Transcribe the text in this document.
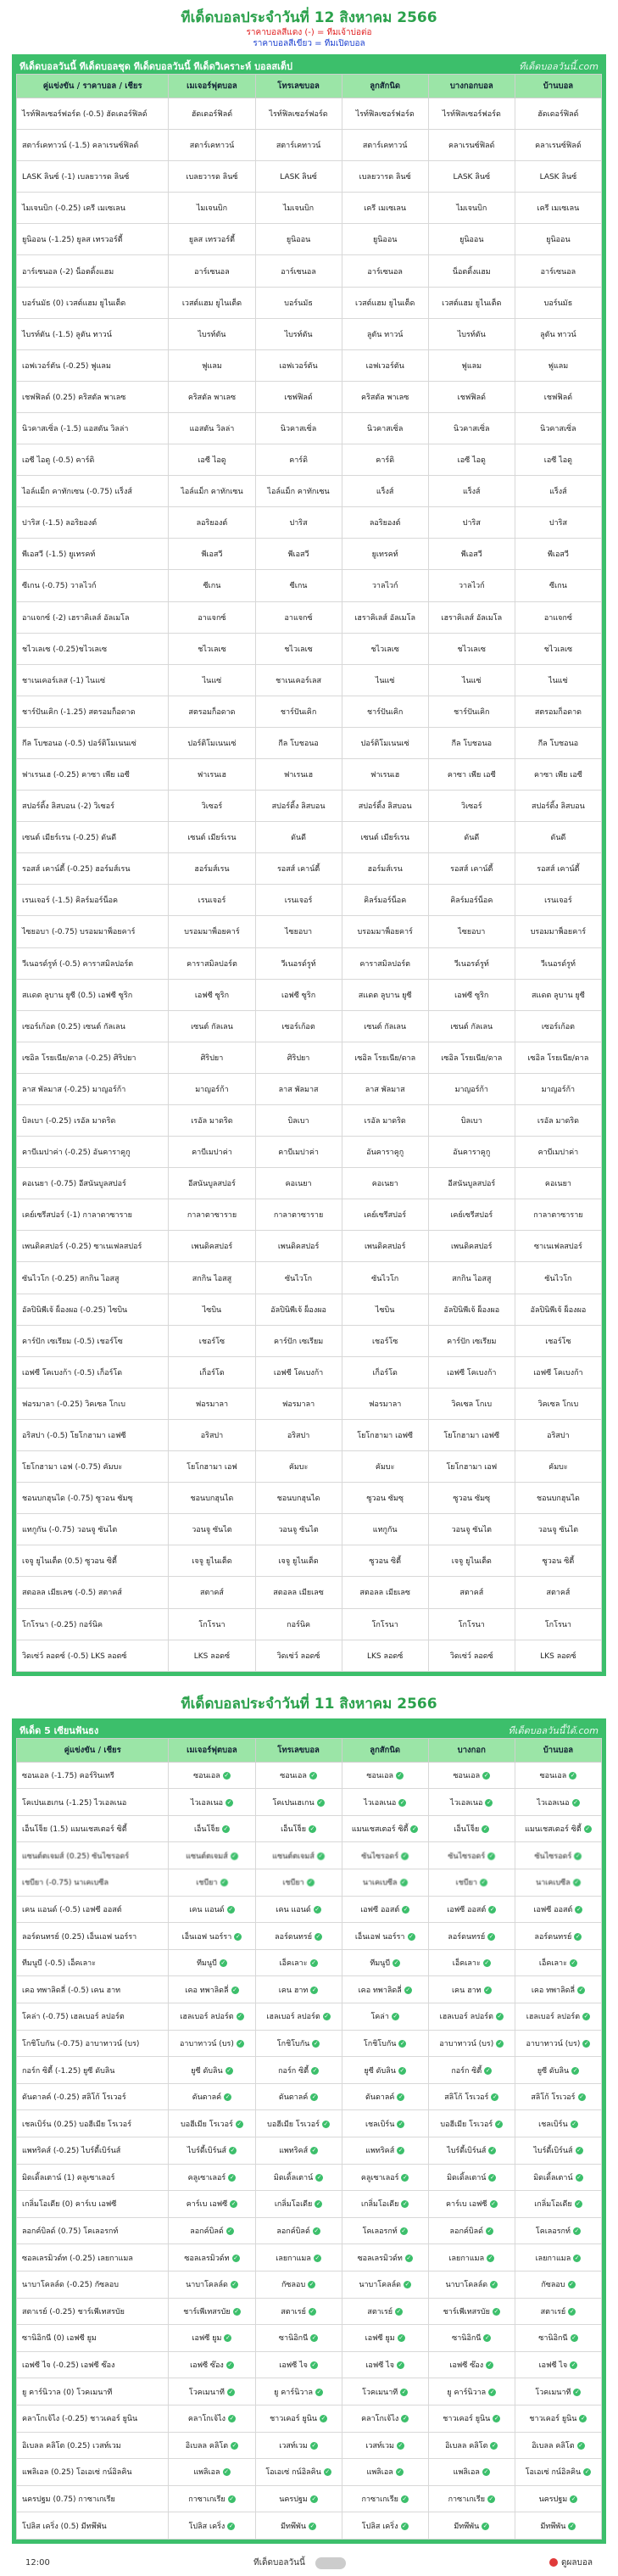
ทีเด็ดบอลประจำวันที่ 12 สิงหาคม 2566
ราคาบอลสีแดง (-) = ทีมเจ้าบ่อต่อ
ราคาบอลสีเขียว = ทีมเปิดบอล
ทีเด็ดบอลวันนี้ ทีเด็ดบอลชุด ทีเด็ดบอลวันนี้ ทีเด็ดวิเคราะห์ บอลสเต็ป	ทีเด็ดบอลวันนี้.com
คู่แข่งขัน / ราคาบอล / เชียร	เมเจอร์ฟุตบอล	โทรเลขบอล	ลูกสักนิด	บางกอกบอล	บ้านบอล
ไรท์ฟิลเซอร์ฟอร์ด (-0.5) ฮัดเดอร์ฟิลด์	ฮัดเดอร์ฟิลด์	ไรท์ฟิลเซอร์ฟอร์ด	ไรท์ฟิลเซอร์ฟอร์ด	ไรท์ฟิลเซอร์ฟอร์ด	ฮัดเดอร์ฟิลด์
สตาร์เคทาวน์ (-1.5) คลาเรนซ์ฟิลด์	สตาร์เคทาวน์	สตาร์เคทาวน์	สตาร์เคทาวน์	คลาเรนซ์ฟิลด์	คลาเรนซ์ฟิลด์
LASK ลินซ์ (-1) เบลยวารด ลินซ์	เบลยวารด ลินซ์	LASK ลินซ์	เบลยวารด ลินซ์	LASK ลินซ์	LASK ลินซ์
ไมเจนบิก (-0.25) เครี เมเซเลน	ไมเจนบิก	ไมเจนบิก	เครี เมเซเลน	ไมเจนบิก	เครี เมเซเลน
ยูนิออน (-1.25) ยูลส เทรวอร์ตี้	ยูลส เทรวอร์ตี้	ยูนิออน	ยูนิออน	ยูนิออน	ยูนิออน
อาร์เซนอล (-2) น็อตติ้งแฮม	อาร์เซนอล	อาร์เซนอล	อาร์เซนอล	น็อตติ้งแฮม	อาร์เซนอล
บอร์นมัธ (0) เวสต์แฮม ยูไนเต็ด	เวสต์แฮม ยูไนเต็ด	บอร์นมัธ	เวสต์แฮม ยูไนเต็ด	เวสต์แฮม ยูไนเต็ด	บอร์นมัธ
ไบรท์ตัน (-1.5) ลูตัน ทาวน์	ไบรท์ตัน	ไบรท์ตัน	ลูตัน ทาวน์	ไบรท์ตัน	ลูตัน ทาวน์
เอฟเวอร์ตัน (-0.25) ฟูแลม	ฟูแลม	เอฟเวอร์ตัน	เอฟเวอร์ตัน	ฟูแลม	ฟูแลม
เชฟฟิลด์ (0.25) คริสตัล พาเลซ	คริสตัล พาเลซ	เชฟฟิลด์	คริสตัล พาเลซ	เชฟฟิลด์	เชฟฟิลด์
นิวคาสเซิ่ล (-1.5) แอสตัน วิลล่า	แอสตัน วิลล่า	นิวคาสเซิ่ล	นิวคาสเซิ่ล	นิวคาสเซิ่ล	นิวคาสเซิ่ล
เอซี ไอดู (-0.5) คาร์ดิ	เอซี ไอดู	คาร์ดิ	คาร์ดิ	เอซี ไอดู	เอซี ไอดู
ไอล์แม็ก คาทักเซน (-0.75) แร็งส์	ไอล์แม็ก คาทักเซน	ไอล์แม็ก คาทักเซน	แร็งส์	แร็งส์	แร็งส์
ปาริส (-1.5) ลอริยองต์	ลอริยองต์	ปาริส	ลอริยองต์	ปาริส	ปาริส
พีเอสวี (-1.5) ยูเทรคท์	พีเอสวี	พีเอสวี	ยูเทรคท์	พีเอสวี	พีเอสวี
ซีเกน (-0.75) วาลไวก์	ซีเกน	ซีเกน	วาลไวก์	วาลไวก์	ซีเกน
อาแจกซ์ (-2) เฮราคิเลส์ อัลเมโล	อาแจกซ์	อาแจกซ์	เฮราคิเลส์ อัลเมโล	เฮราคิเลส์ อัลเมโล	อาแจกซ์
ชไวเลเซ (-0.25)ชไวเลเซ	ชไวเลเซ	ชไวเลเซ	ชไวเลเซ	ชไวเลเซ	ชไวเลเซ
ชาเนเคอร์เลส (-1) ไนแซ่	ไนแซ่	ชาเนเคอร์เลส	ไนแซ่	ไนแซ่	ไนแซ่
ชาร์ปันเคิก (-1.25) สตรอมก็อดาด	สตรอมก็อดาด	ชาร์ปันเคิก	ชาร์ปันเคิก	ชาร์ปันเคิก	สตรอมก็อดาด
กีล โบชอนอ (-0.5) ปอร์ติโมเนนเซ่	ปอร์ติโมเนนเซ่	กีล โบชอนอ	ปอร์ติโมเนนเซ่	กีล โบชอนอ	กีล โบชอนอ
ฟาเรนเฮ (-0.25) คาซา เพีย เอซี	ฟาเรนเฮ	ฟาเรนเฮ	ฟาเรนเฮ	คาซา เพีย เอซี	คาซา เพีย เอซี
สปอร์ติ้ง ลิสบอน (-2) วิเซอร์	วิเซอร์	สปอร์ติ้ง ลิสบอน	สปอร์ติ้ง ลิสบอน	วิเซอร์	สปอร์ติ้ง ลิสบอน
เซนต์ เมียร์เรน (-0.25) ดันดี	เซนต์ เมียร์เรน	ดันดี	เซนต์ เมียร์เรน	ดันดี	ดันดี
รอสส์ เคาน์ตี้ (-0.25) ฮอร์มส์เรน	ฮอร์มส์เรน	รอสส์ เคาน์ตี้	ฮอร์มส์เรน	รอสส์ เคาน์ตี้	รอสส์ เคาน์ตี้
เรนเจอร์ (-1.5) คิลร์มอร์น็อค	เรนเจอร์	เรนเจอร์	คิลร์มอร์น็อค	คิลร์มอร์น็อค	เรนเจอร์
ไซยอบา (-0.75) บรอมมาพ็อยคาร์	บรอมมาพ็อยคาร์	ไซยอบา	บรอมมาพ็อยคาร์	ไซยอบา	บรอมมาพ็อยคาร์
วีเนอรด์รูท์ (-0.5) คาราสมิลปอร์ต	คาราสมิลปอร์ต	วีเนอรด์รูท์	คาราสมิลปอร์ต	วีเนอรด์รูท์	วีเนอรด์รูท์
สเเดต ลูบาน ยูซี (0.5) เอฟซี ซูริก	เอฟซี ซูริก	เอฟซี ซูริก	สเเดต ลูบาน ยูซี	เอฟซี ซูริก	สเเดต ลูบาน ยูซี
เซอร์เก้อต (0.25) เซนต์ กัลเลน	เซนต์ กัลเลน	เซอร์เก้อต	เซนต์ กัลเลน	เซนต์ กัลเลน	เซอร์เก้อต
เซอิล โรยเนีย/ดาล (-0.25) ศิริปยา	ศิริปยา	ศิริปยา	เซอิล โรยเนีย/ดาล	เซอิล โรยเนีย/ดาล	เซอิล โรยเนีย/ดาล
ลาส พัลมาส (-0.25) มาญอร์ก้า	มาญอร์ก้า	ลาส พัลมาส	ลาส พัลมาส	มาญอร์ก้า	มาญอร์ก้า
บิลเบา (-0.25) เรอัล มาดริด	เรอัล มาดริด	บิลเบา	เรอัล มาดริด	บิลเบา	เรอัล มาดริด
คาบีเมปาค่า (-0.25) อันคาราคูกู	คาบีเมปาค่า	คาบีเมปาค่า	อันคาราคูกู	อันคาราคูกู	คาบีเมปาค่า
คอเนยา (-0.75) อีสนันบูลสปอร์	อีสนันบูลสปอร์	คอเนยา	คอเนยา	อีสนันบูลสปอร์	คอเนยา
เคย์เซรีสปอร์ (-1) กาลาตาซาราย	กาลาตาซาราย	กาลาตาซาราย	เคย์เซรีสปอร์	เคย์เซรีสปอร์	กาลาตาซาราย
เพนดิคสปอร์ (-0.25) ซาเนเฟลสปอร์	เพนดิคสปอร์	เพนดิคสปอร์	เพนดิคสปอร์	เพนดิคสปอร์	ซาเนเฟลสปอร์
ซันไวโก (-0.25) สกกิน ไอสสู	สกกิน ไอสสู	ซันไวโก	ซันไวโก	สกกิน ไอสสู	ซันไวโก
อัลปินิพีเจ้ ผ็องผอ (-0.25) ไซบิน	ไซบิน	อัลปินิพีเจ้ ผ็องผอ	ไซบิน	อัลปินิพีเจ้ ผ็องผอ	อัลปินิพีเจ้ ผ็องผอ
คาร์ปัก เซเรียม (-0.5) เชอร์โซ	เชอร์โซ	คาร์ปัก เซเรียม	เชอร์โซ	คาร์ปัก เซเรียม	เชอร์โซ
เอฟซี โคเบงก้า (-0.5) เก็อร์โด	เก็อร์โด	เอฟซี โคเบงก้า	เก็อร์โด	เอฟซี โคเบงก้า	เอฟซี โคเบงก้า
ฟอรมาลา (-0.25) วิคเซล โกเบ	ฟอรมาลา	ฟอรมาลา	ฟอรมาลา	วิคเซล โกเบ	วิคเซล โกเบ
อริสปา (-0.5) โยโกฮามา เอฟซี	อริสปา	อริสปา	โยโกฮามา เอฟซี	โยโกฮามา เอฟซี	อริสปา
โยโกฮามา เอฟ (-0.75) คัมบะ	โยโกฮามา เอฟ	คัมบะ	คัมบะ	โยโกฮามา เอฟ	คัมบะ
ชอนบกฮุนได (-0.75) ซูวอน ซัมซุ	ชอนบกฮุนได	ชอนบกฮุนได	ซูวอน ซัมซุ	ซูวอน ซัมซุ	ชอนบกฮุนได
แทกูกัน (-0.75) วอนจู ซันไต	วอนจู ซันไต	วอนจู ซันไต	แทกูกัน	วอนจู ซันไต	วอนจู ซันไต
เจจู ยูไนเต็ด (0.5) ซูวอน ซิตี้	เจจู ยูไนเต็ด	เจจู ยูไนเต็ด	ซูวอน ซิตี้	เจจู ยูไนเต็ด	ซูวอน ซิตี้
สตอลล เมียเลซ (-0.5) สตาคส์	สตาคส์	สตอลล เมียเลซ	สตอลล เมียเลซ	สตาคส์	สตาคส์
โกโรนา (-0.25) กอร์นิค	โกโรนา	กอร์นิค	โกโรนา	โกโรนา	โกโรนา
วิดเซ่ว์ ลอดซ์ (-0.5) LKS ลอดซ์	LKS ลอดซ์	วิดเซ่ว์ ลอดซ์	LKS ลอดซ์	วิดเซ่ว์ ลอดซ์	LKS ลอดซ์
ทีเด็ดบอลประจำวันที่ 11 สิงหาคม 2566
ทีเด็ด 5 เซียนฟันธง	ทีเด็ดบอลวันนี้ได้.com
คู่แข่งขัน / เชียร	เมเจอร์ฟุตบอล	โทรเลขบอล	ลูกสักนิด	บางกอก	บ้านบอล
ซอนเอล (-1.75) คอร์รินเทรี	ซอนเอล ✓	ซอนเอล ✓	ซอนเอล ✓	ซอนเอล ✓	ซอนเอล ✓
โคเปนเฮเกน (-1.25) ไวเอลเนอ	ไวเอลเนอ ✓	โคเปนเฮเกน ✓	ไวเอลเนอ ✓	ไวเอลเนอ ✓	ไวเอลเนอ ✓
เอ็นโจ็ย (1.5) แมนเชสเตอร์ ซิตี้	เอ็นโจ็ย ✓	เอ็นโจ็ย ✓	แมนเชสเตอร์ ซิตี้ ✓	เอ็นโจ็ย ✓	แมนเชสเตอร์ ซิตี้ ✓
แซนต์ตเจมส์ (0.25) ซันไซรอดร์	แซนต์ตเจมส์ ✓	แซนต์ตเจมส์ ✓	ซันไซรอดร์ ✓	ซันไซรอดร์ ✓	ซันไซรอดร์ ✓
เชบียา (-0.75) นาเคเบซีล	เชบียา ✓	เชบียา ✓	นาเคเบซีล ✓	เชบียา ✓	นาเคเบซีล ✓
เคน แอนด์ (-0.5) เอฟซี ออสต์	เคน แอนด์ ✓	เคน แอนด์ ✓	เอฟซี ออสต์ ✓	เอฟซี ออสต์ ✓	เอฟซี ออสต์ ✓
ลอร์ดนทรย์ (0.25) เอ็นเอฟ นอร์รา	เอ็นเอฟ นอร์รา ✓	ลอร์ดนทรย์ ✓	เอ็นเอฟ นอร์รา ✓	ลอร์ดนทรย์ ✓	ลอร์ดนทรย์ ✓
ทีมนูบี (-0.5) เอ็คเลาะ	ทีมนูบี ✓	เอ็คเลาะ ✓	ทีมนูบี ✓	เอ็คเลาะ ✓	เอ็คเลาะ ✓
เคอ ทพาลิดลี่ (-0.5) เคน ฮาท	เคอ ทพาลิดลี่ ✓	เคน ฮาท ✓	เคอ ทพาลิดลี่ ✓	เคน ฮาท ✓	เคอ ทพาลิดลี่ ✓
โคล่า (-0.75) เฮลเบอร์ ลปอร์ต	เฮลเบอร์ ลปอร์ต ✓	เฮลเบอร์ ลปอร์ต ✓	โคล่า ✓	เฮลเบอร์ ลปอร์ต ✓	เฮลเบอร์ ลปอร์ต ✓
โกชิโบกัน (-0.75) อาบาทาวน์ (บร)	อาบาทาวน์ (บร) ✓	โกชิโบกัน ✓	โกชิโบกัน ✓	อาบาทาวน์ (บร) ✓	อาบาทาวน์ (บร) ✓
กอร์ก ซิตี้ (-1.25) ยูซี ดับลิน	ยูซี ดับลิน ✓	กอร์ก ซิตี้ ✓	ยูซี ดับลิน ✓	กอร์ก ซิตี้ ✓	ยูซี ดับลิน ✓
ดันดาลค์ (-0.25) สลิโก้ โรเวอร์	ดันดาลค์ ✓	ดันดาลค์ ✓	ดันดาลค์ ✓	สลิโก้ โรเวอร์ ✓	สลิโก้ โรเวอร์ ✓
เชลเบิร์น (0.25) บอฮีเมีย โรเวอร์	บอฮีเมีย โรเวอร์ ✓	บอฮีเมีย โรเวอร์ ✓	เชลเบิร์น ✓	บอฮีเมีย โรเวอร์ ✓	เชลเบิร์น ✓
แพทริคส์ (-0.25) ไบร์ดี้เบิร์นส์	ไบร์ดี้เบิร์นส์ ✓	แพทริคส์ ✓	แพทริคส์ ✓	ไบร์ดี้เบิร์นส์ ✓	ไบร์ดี้เบิร์นส์ ✓
มิดเดิ้ลเตาน์ (1) คลูเซาเลอร์	คลูเซาเลอร์ ✓	มิดเดิ้ลเตาน์ ✓	คลูเซาเลอร์ ✓	มิดเดิ้ลเตาน์ ✓	มิดเดิ้ลเตาน์ ✓
เกลิ่มโอเดีย (0) คาร์เบ เอฟซี	คาร์เบ เอฟซี ✓	เกลิ่มโอเดีย ✓	เกลิ่มโอเดีย ✓	คาร์เบ เอฟซี ✓	เกลิ่มโอเดีย ✓
ลอกค์บิลด์ (0.75) โคเลอรกท์	ลอกค์บิลด์ ✓	ลอกค์บิลด์ ✓	โคเลอรกท์ ✓	ลอกค์บิลด์ ✓	โคเลอรกท์ ✓
ซอลเลรมิวด์ท (-0.25) เลยกาแมล	ซอลเลรมิวด์ท ✓	เลยกาแมล ✓	ซอลเลรมิวด์ท ✓	เลยกาแมล ✓	เลยกาแมล ✓
นาบาโคลล์ด (-0.25) กัซลอบ	นาบาโคลล์ด ✓	กัซลอบ ✓	นาบาโคลล์ด ✓	นาบาโคลล์ด ✓	กัซลอบ ✓
สตาเรย์ (-0.25) ชาร์เพีเทสรบัย	ชาร์เพีเทสรบัย ✓	สตาเรย์ ✓	สตาเรย์ ✓	ชาร์เพีเทสรบัย ✓	สตาเรย์ ✓
ซานิอิกนี (0) เอฟซี ยูม	เอฟซี ยูม ✓	ซานิอิกนี ✓	เอฟซี ยูม ✓	ซานิอิกนี ✓	ซานิอิกนี ✓
เอฟซี ไจ (-0.25) เอฟซี ซ๊อง	เอฟซี ซ๊อง ✓	เอฟซี ไจ ✓	เอฟซี ไจ ✓	เอฟซี ซ๊อง ✓	เอฟซี ไจ ✓
ยู คาร์นิวาล (0) โวคเมนาที	โวคเมนาที ✓	ยู คาร์นิวาล ✓	โวคเมนาที ✓	ยู คาร์นิวาล ✓	โวคเมนาที ✓
คลาโกเจ้ไง (-0.25) ชาวเคอร์ ยูนิน	คลาโกเจ้ไง ✓	ชาวเคอร์ ยูนิน ✓	คลาโกเจ้ไง ✓	ชาวเคอร์ ยูนิน ✓	ชาวเคอร์ ยูนิน ✓
อิเบลล คลิโต (0.25) เวสท์เวม	อิเบลล คลิโต ✓	เวสท์เวม ✓	เวสท์เวม ✓	อิเบลล คลิโต ✓	อิเบลล คลิโต ✓
แพลิเอล (0.25) โอเอเซ่ กน์อิลคิน	แพลิเอล ✓	โอเอเซ่ กน์อิลคิน ✓	แพลิเอล ✓	แพลิเอล ✓	โอเอเซ่ กน์อิลคิน ✓
นครปฐม (0.75) กาซาเกเรีย	กาซาเกเรีย ✓	นครปฐม ✓	กาซาเกเรีย ✓	กาซาเกเรีย ✓	นครปฐม ✓
โปลิส เคริ่ง (0.5) มีทพึพัน	โปลิส เคริ่ง ✓	มีทพึพัน ✓	โปลิส เคริ่ง ✓	มีทพึพัน ✓	มีทพึพัน ✓
12:00	ทีเด็ดบอลวันนี้	ดูผลบอล
